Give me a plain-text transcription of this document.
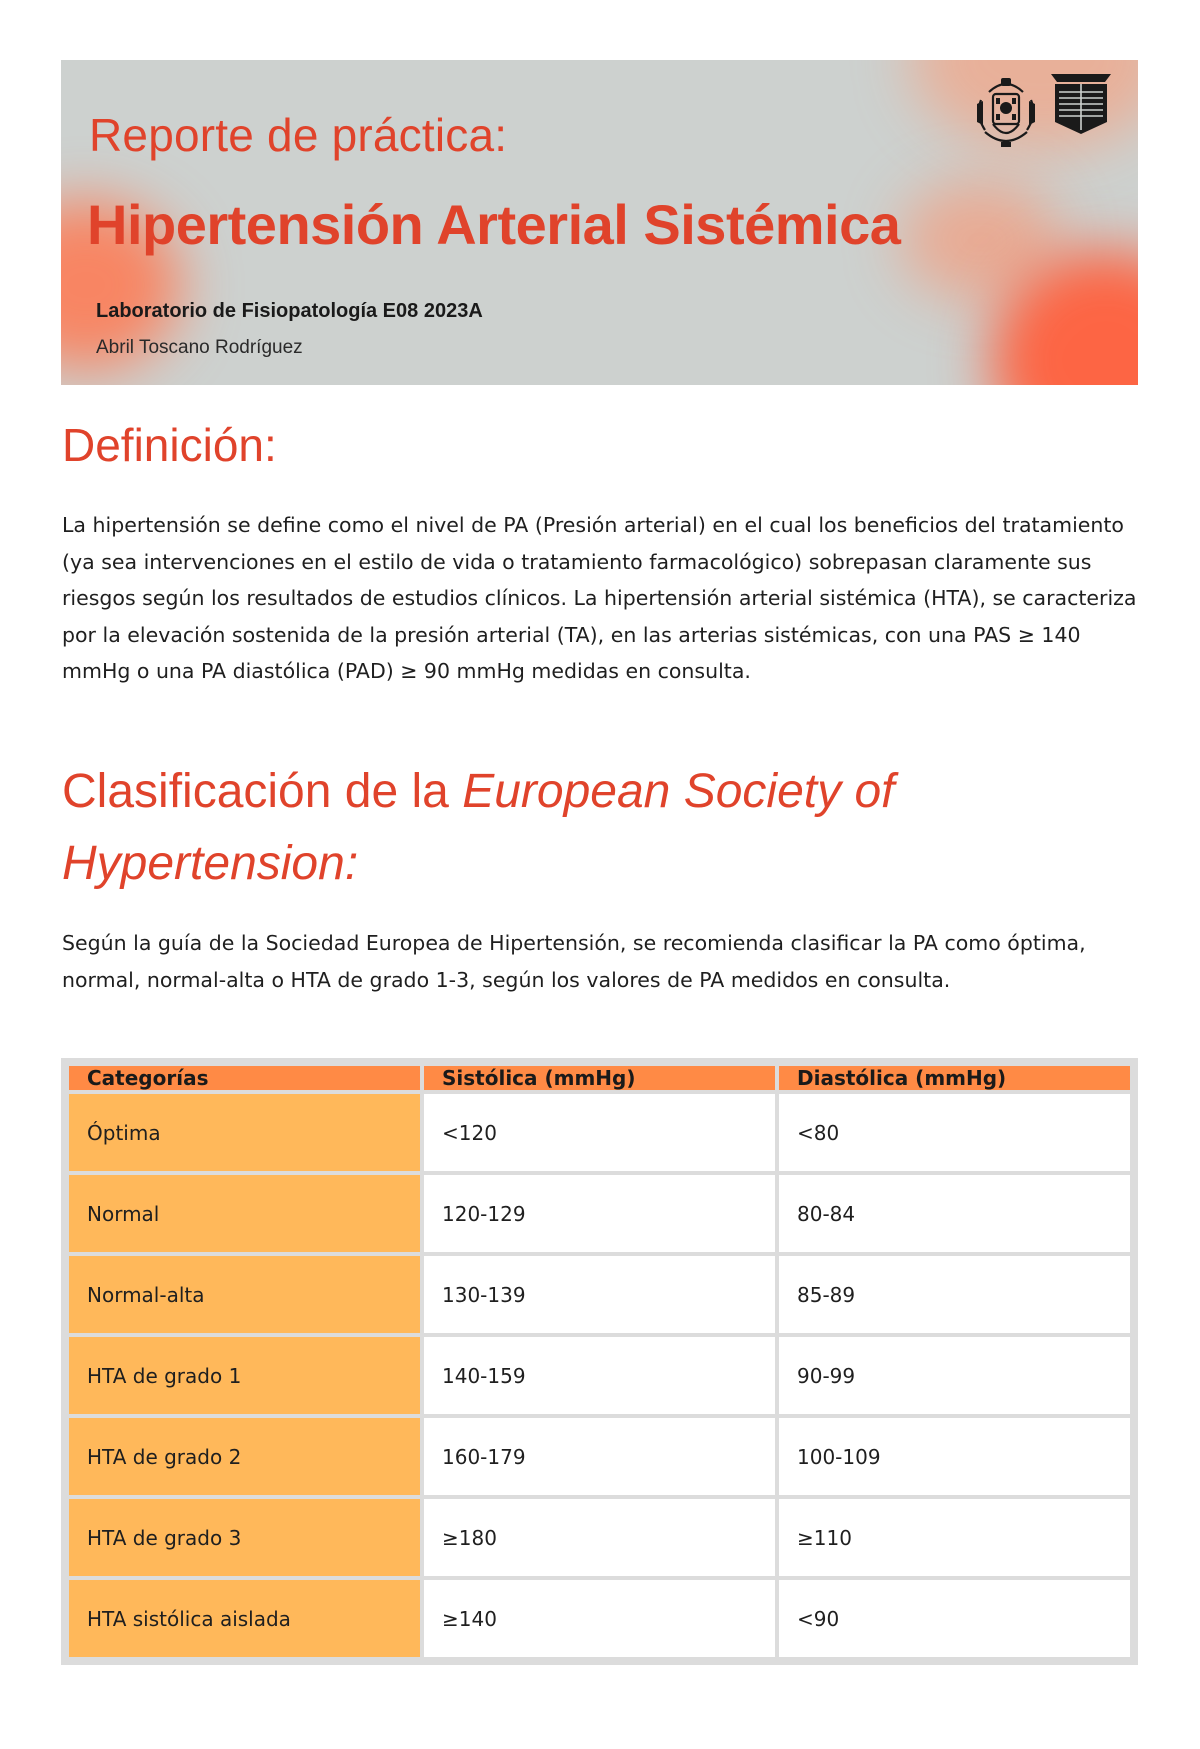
Reporte de práctica:
Hipertensión Arterial Sistémica
Laboratorio de Fisiopatología E08 2023A
Abril Toscano Rodríguez
Definición:

La hipertensión se define como el nivel de PA (Presión arterial) en el cual los beneficios del tratamiento (ya sea intervenciones en el estilo de vida o tratamiento farmacológico) sobrepasan claramente sus riesgos según los resultados de estudios clínicos. La hipertensión arterial sistémica (HTA), se caracteriza por la elevación sostenida de la presión arterial (TA), en las arterias sistémicas, con una PAS ≥ 140 mmHg o una PA diastólica (PAD) ≥ 90 mmHg medidas en consulta.

Clasificación de la European Society of Hypertension:

Según la guía de la Sociedad Europea de Hipertensión, se recomienda clasificar la PA como óptima, normal, normal-alta o HTA de grado 1-3, según los valores de PA medidos en consulta.

Categorías	Sistólica (mmHg)	Diastólica (mmHg)
Óptima	<120	<80
Normal	120-129	80-84
Normal-alta	130-139	85-89
HTA de grado 1	140-159	90-99
HTA de grado 2	160-179	100-109
HTA de grado 3	≥180	≥110
HTA sistólica aislada	≥140	<90
